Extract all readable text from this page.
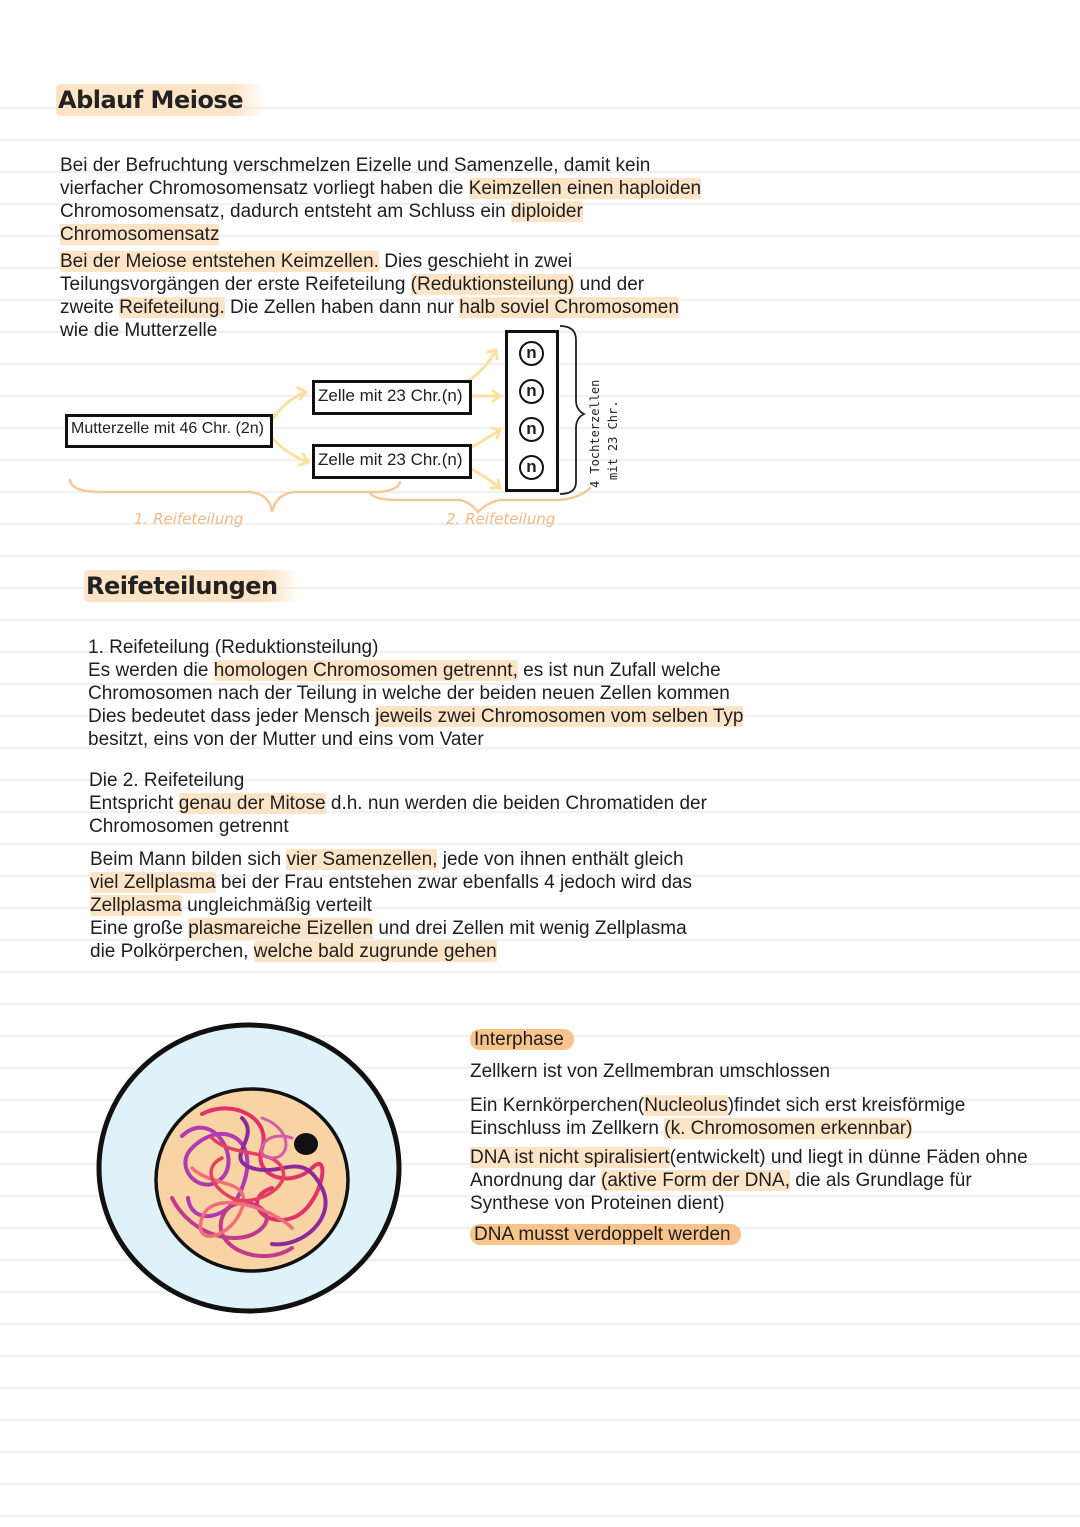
Ablauf Meiose

Bei der Befruchtung verschmelzen Eizelle und Samenzelle, damit kein

vierfacher Chromosomensatz vorliegt haben die Keimzellen einen haploiden

Chromosomensatz, dadurch entsteht am Schluss ein diploider

Chromosomensatz

Bei der Meiose entstehen Keimzellen. Dies geschieht in zwei

Teilungsvorgängen der erste Reifeteilung (Reduktionsteilung) und der

zweite Reifeteilung. Die Zellen haben dann nur halb soviel Chromosomen

wie die Mutterzelle

Mutterzelle mit 46 Chr. (2n)
Zelle mit 23 Chr.(n)
Zelle mit 23 Chr.(n)
n
n
n
n	4 Tochterzellen mit 23 Chr.
1. Reifeteilung	2. Reifeteilung
Reifeteilungen

1. Reifeteilung (Reduktionsteilung)

Es werden die homologen Chromosomen getrennt, es ist nun Zufall welche

Chromosomen nach der Teilung in welche der beiden neuen Zellen kommen

Dies bedeutet dass jeder Mensch jeweils zwei Chromosomen vom selben Typ

besitzt, eins von der Mutter und eins vom Vater

Die 2. Reifeteilung

Entspricht genau der Mitose d.h. nun werden die beiden Chromatiden der

Chromosomen getrennt

Beim Mann bilden sich vier Samenzellen, jede von ihnen enthält gleich

viel Zellplasma bei der Frau entstehen zwar ebenfalls 4 jedoch wird das

Zellplasma ungleichmäßig verteilt

Eine große plasmareiche Eizellen und drei Zellen mit wenig Zellplasma

die Polkörperchen, welche bald zugrunde gehen

Interphase

Zellkern ist von Zellmembran umschlossen

Ein Kernkörperchen(Nucleolus)findet sich erst kreisförmige

Einschluss im Zellkern (k. Chromosomen erkennbar)

DNA ist nicht spiralisiert(entwickelt) und liegt in dünne Fäden ohne

Anordnung dar (aktive Form der DNA, die als Grundlage für

Synthese von Proteinen dient)

DNA musst verdoppelt werden
